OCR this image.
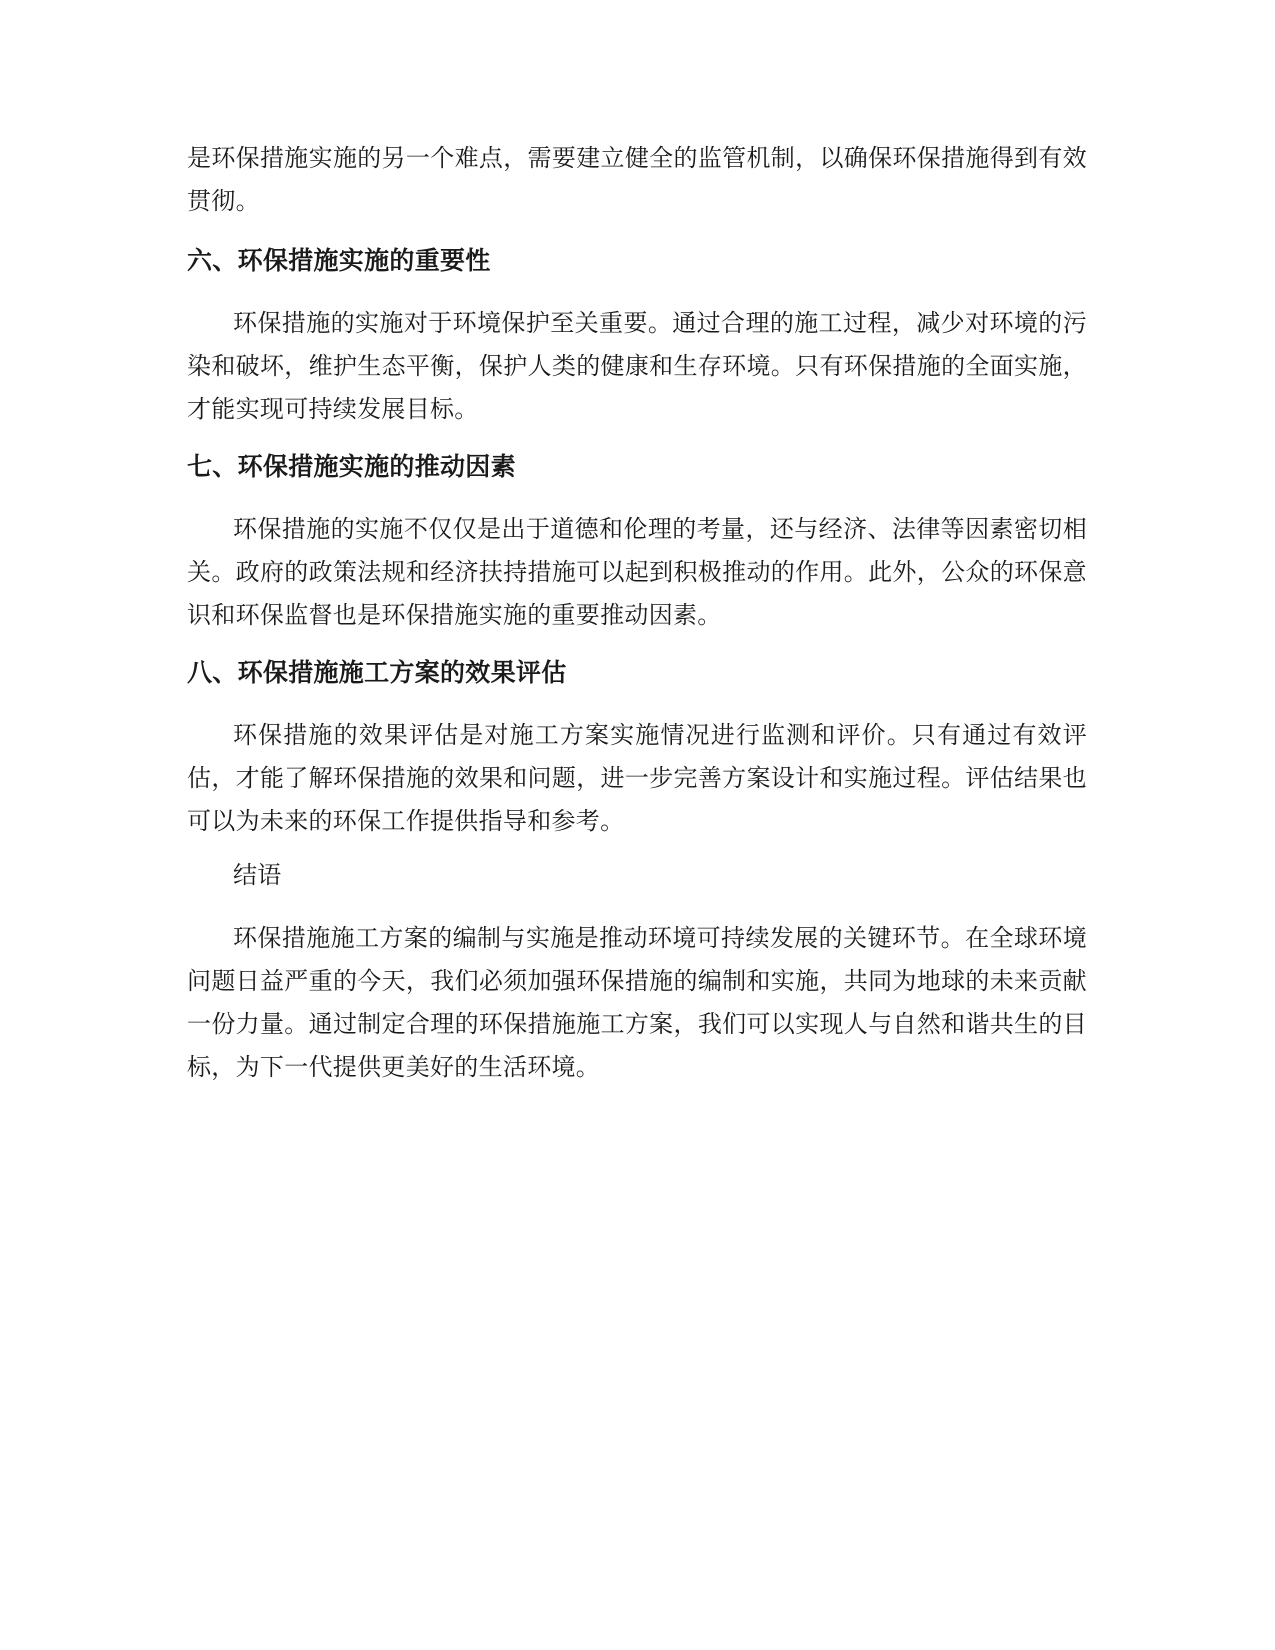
是环保措施实施的另一个难点，需要建立健全的监管机制，以确保环保措施得到有效贯彻。

六、环保措施实施的重要性

环保措施的实施对于环境保护至关重要。通过合理的施工过程，减少对环境的污染和破坏，维护生态平衡，保护人类的健康和生存环境。只有环保措施的全面实施，才能实现可持续发展目标。

七、环保措施实施的推动因素

环保措施的实施不仅仅是出于道德和伦理的考量，还与经济、法律等因素密切相关。政府的政策法规和经济扶持措施可以起到积极推动的作用。此外，公众的环保意识和环保监督也是环保措施实施的重要推动因素。

八、环保措施施工方案的效果评估

环保措施的效果评估是对施工方案实施情况进行监测和评价。只有通过有效评估，才能了解环保措施的效果和问题，进一步完善方案设计和实施过程。评估结果也可以为未来的环保工作提供指导和参考。

结语

环保措施施工方案的编制与实施是推动环境可持续发展的关键环节。在全球环境问题日益严重的今天，我们必须加强环保措施的编制和实施，共同为地球的未来贡献一份力量。通过制定合理的环保措施施工方案，我们可以实现人与自然和谐共生的目标，为下一代提供更美好的生活环境。
